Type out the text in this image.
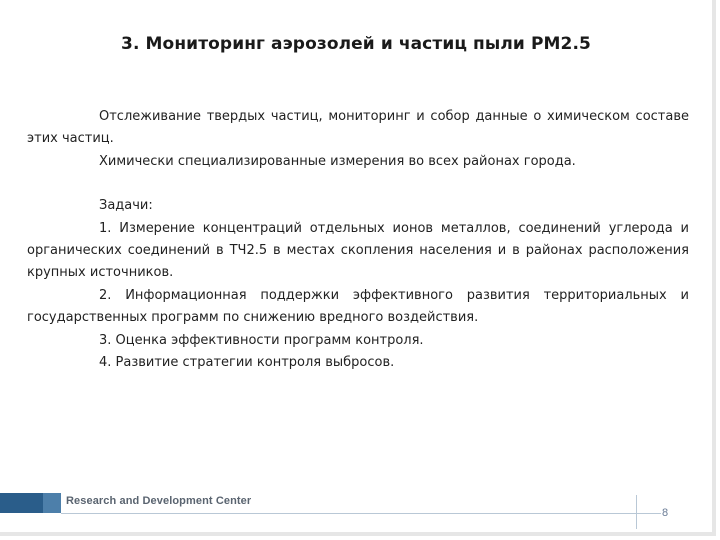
3. Мониторинг аэрозолей и частиц пыли PM2.5

Отслеживание твердых частиц, мониторинг и собор данные о химическом составе этих частиц.

Химически специализированные измерения во всех районах города.

Задачи:

1. Измерение концентраций отдельных ионов металлов, соединений углерода и органических соединений в ТЧ2.5 в местах скопления населения и в районах расположения крупных источников.

2. Информационная поддержки эффективного развития территориальных и государственных программ по снижению вредного воздействия.

3. Оценка эффективности программ контроля.

4. Развитие стратегии контроля выбросов.

Research and Development Center
8
